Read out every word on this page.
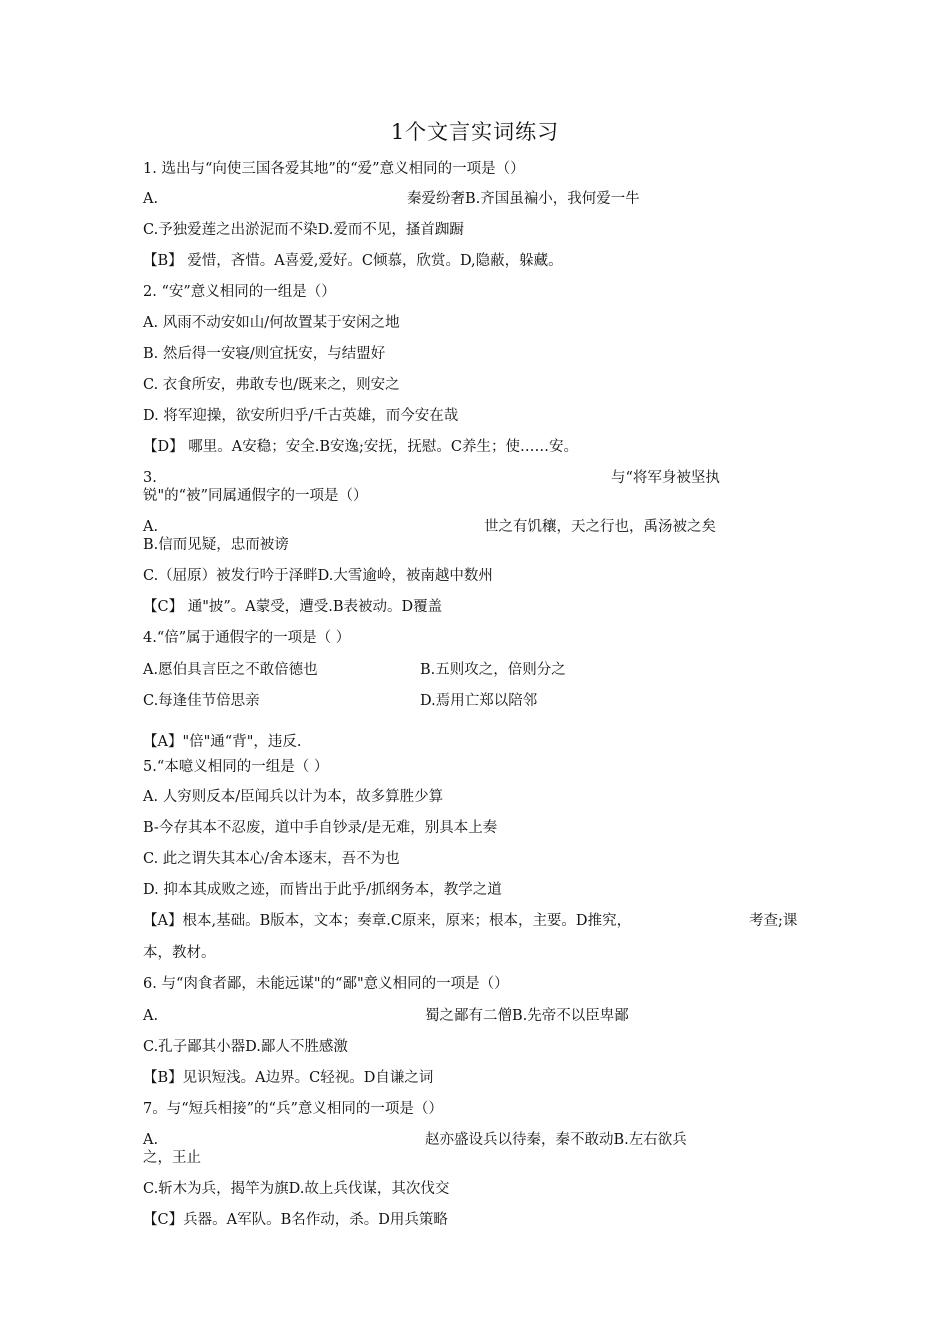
1个文言实词练习
1. 选出与“向使三国各爱其地”的“爱”意义相同的一项是（）
A.	秦爱纷奢B.齐国虽褊小，我何爱一牛
C.予独爱莲之出淤泥而不染D.爱而不见，搔首踟蹰
【B】 爱惜，吝惜。A喜爱,爱好。C倾慕，欣赏。D,隐蔽，躲藏。
2. “安”意义相同的一组是（）
A. 风雨不动安如山/何故置某于安闲之地
B. 然后得一安寝/则宜抚安，与结盟好
C. 衣食所安，弗敢专也/既来之，则安之
D. 将军迎操，欲安所归乎/千古英雄，而今安在哉
【D】 哪里。A安稳；安全.B安逸;安抚，抚慰。C养生；使……安。
3.	与“将军身被坚执
锐"的“被”同属通假字的一项是（）
A.	世之有饥穰，天之行也，禹汤被之矣
B.信而见疑，忠而被谤
C.（屈原）被发行吟于泽畔D.大雪逾岭，被南越中数州
【C】 通"披”。A蒙受，遭受.B表被动。D覆盖
4.“倍”属于通假字的一项是（ ）
A.愿伯具言臣之不敢倍德也	B.五则攻之，倍则分之
C.每逢佳节倍思亲	D.焉用亡郑以陪邻
【A】"倍"通“背"，违反.
5.“本噫义相同的一组是（ ）
A. 人穷则反本/臣闻兵以计为本，故多算胜少算
B-今存其本不忍废，道中手自钞录/是无难，别具本上奏
C. 此之谓失其本心/舍本逐末，吾不为也
D. 抑本其成败之迹，而皆出于此乎/抓纲务本，教学之道
【A】根本,基础。B版本，文本；奏章.C原来，原来；根本，主要。D推究，	考查;课
本，教材。
6. 与“肉食者鄙，未能远谋"的“鄙"意义相同的一项是（）
A.	蜀之鄙有二僧B.先帝不以臣卑鄙
C.孔子鄙其小器D.鄙人不胜感激
【B】见识短浅。A边界。C轻视。D自谦之词
7。与“短兵相接”的“兵”意义相同的一项是（）
A.	赵亦盛设兵以待秦，秦不敢动B.左右欲兵
之，王止
C.斩木为兵，揭竿为旗D.故上兵伐谋，其次伐交
【C】兵器。A军队。B名作动，杀。D用兵策略
